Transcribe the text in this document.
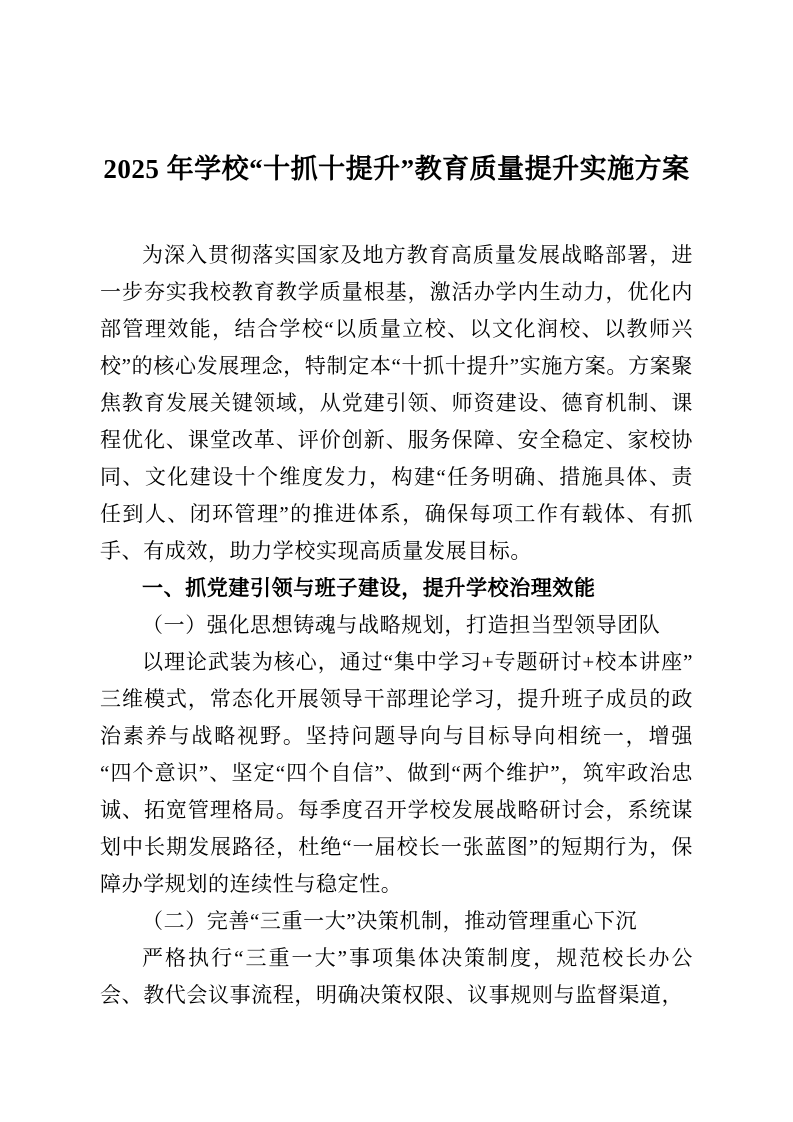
2025 年学校“十抓十提升”教育质量提升实施方案

为深入贯彻落实国家及地方教育高质量发展战略部署，进一步夯实我校教育教学质量根基，激活办学内生动力，优化内部管理效能，结合学校“以质量立校、以文化润校、以教师兴校”的核心发展理念，特制定本“十抓十提升”实施方案。方案聚焦教育发展关键领域，从党建引领、师资建设、德育机制、课程优化、课堂改革、评价创新、服务保障、安全稳定、家校协同、文化建设十个维度发力，构建“任务明确、措施具体、责任到人、闭环管理”的推进体系，确保每项工作有载体、有抓手、有成效，助力学校实现高质量发展目标。

一、抓党建引领与班子建设，提升学校治理效能

（一）强化思想铸魂与战略规划，打造担当型领导团队

以理论武装为核心，通过“集中学习+专题研讨+校本讲座”三维模式，常态化开展领导干部理论学习，提升班子成员的政治素养与战略视野。坚持问题导向与目标导向相统一，增强“四个意识”、坚定“四个自信”、做到“两个维护”，筑牢政治忠诚、拓宽管理格局。每季度召开学校发展战略研讨会，系统谋划中长期发展路径，杜绝“一届校长一张蓝图”的短期行为，保障办学规划的连续性与稳定性。

（二）完善“三重一大”决策机制，推动管理重心下沉

严格执行“三重一大”事项集体决策制度，规范校长办公会、教代会议事流程，明确决策权限、议事规则与监督渠道，
